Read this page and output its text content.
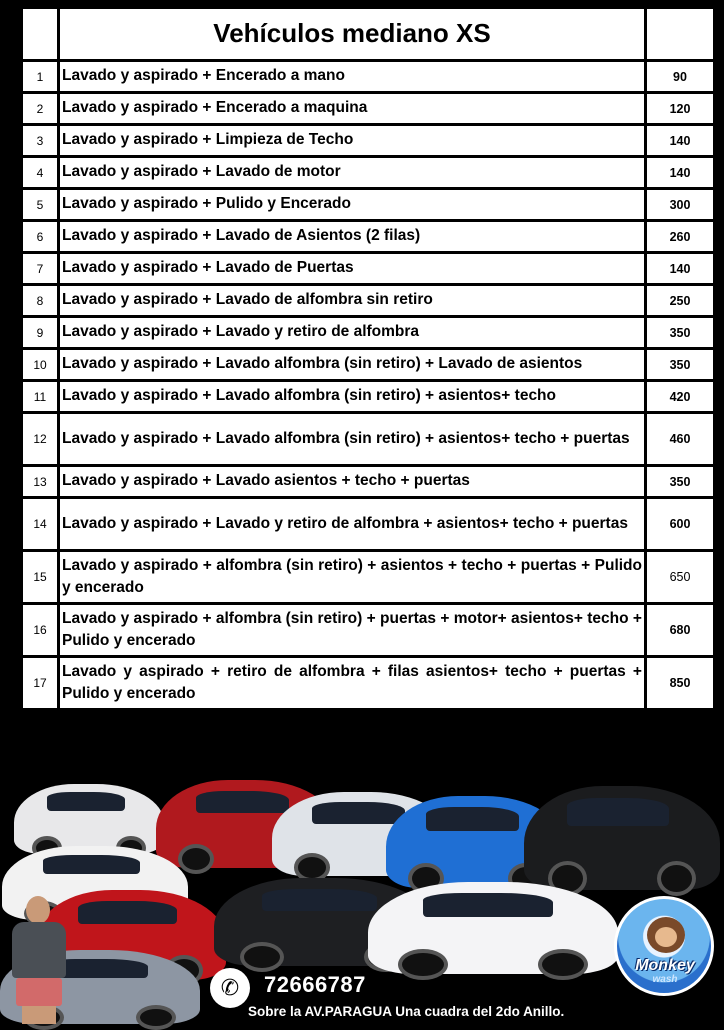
	Vehículos mediano XS	
1	Lavado y aspirado + Encerado a mano	90
2	Lavado y aspirado + Encerado a maquina	120
3	Lavado y aspirado + Limpieza de Techo	140
4	Lavado y aspirado + Lavado de motor	140
5	Lavado y aspirado + Pulido y Encerado	300
6	Lavado y aspirado + Lavado de Asientos (2 filas)	260
7	Lavado y aspirado + Lavado de Puertas	140
8	Lavado y aspirado + Lavado de alfombra sin retiro	250
9	Lavado y aspirado + Lavado y retiro de alfombra	350
10	Lavado y aspirado + Lavado alfombra (sin retiro) + Lavado de asientos	350
11	Lavado y aspirado + Lavado alfombra (sin retiro) + asientos+ techo	420
12	Lavado y aspirado + Lavado alfombra (sin retiro) + asientos+ techo + puertas	460
13	Lavado y aspirado + Lavado asientos + techo + puertas	350
14	Lavado y aspirado + Lavado y retiro de alfombra + asientos+ techo + puertas	600
15	Lavado y aspirado + alfombra (sin retiro) + asientos + techo + puertas + Pulido y encerado	650
16	Lavado y aspirado + alfombra (sin retiro) + puertas + motor+ asientos+ techo + Pulido y encerado	680
17	Lavado y aspirado + retiro de alfombra + filas asientos+ techo + puertas + Pulido y encerado	850
✆	72666787
Sobre la AV.PARAGUA Una cuadra del 2do Anillo.
Monkey
wash
